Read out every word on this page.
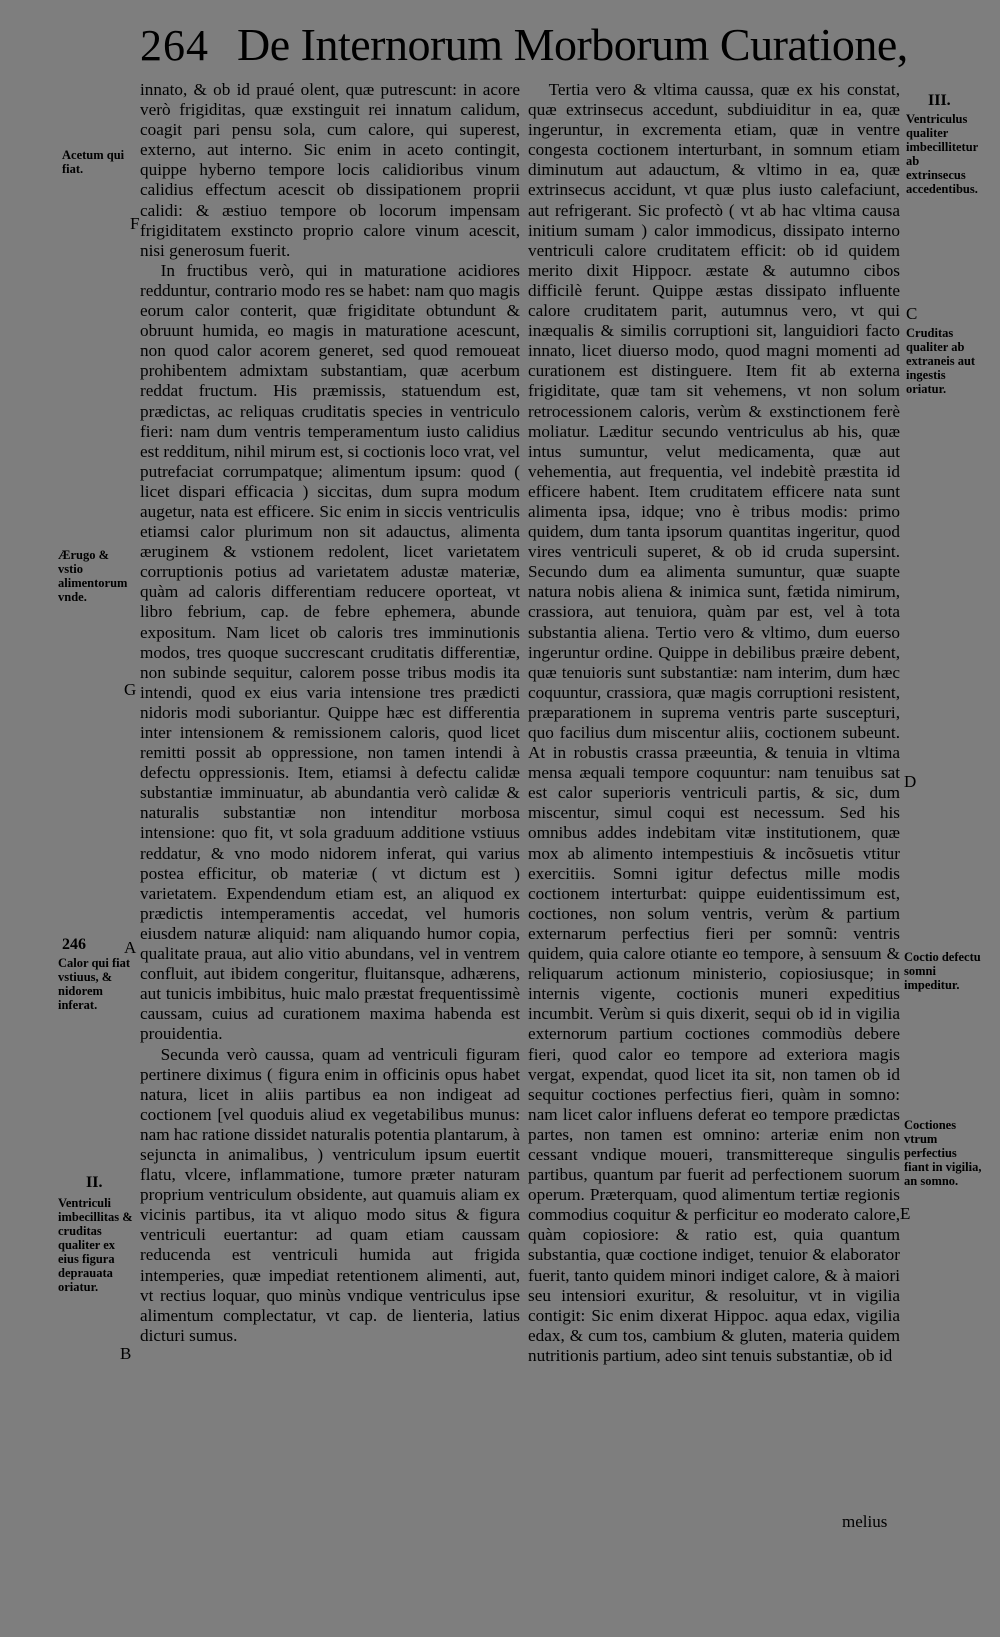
264 De Internorum Morborum Curatione,

innato, & ob id praué olent, quæ putrescunt: in acore verò frigiditas, quæ exstinguit rei innatum calidum, coagit pari pensu sola, cum calore, qui superest, externo, aut interno. Sic enim in aceto contingit, quippe hyberno tempore locis calidioribus vinum calidius effectum acescit ob dissipationem proprii calidi: & æstiuo tempore ob locorum impensam frigiditatem exstincto proprio calore vinum acescit, nisi generosum fuerit.

In fructibus verò, qui in maturatione acidiores redduntur, contrario modo res se habet: nam quo magis eorum calor conterit, quæ frigiditate obtundunt & obruunt humida, eo magis in maturatione acescunt, non quod calor acorem generet, sed quod remoueat prohibentem admixtam substantiam, quæ acerbum reddat fructum. His præmissis, statuendum est, prædictas, ac reliquas cruditatis species in ventriculo fieri: nam dum ventris temperamentum iusto calidius est redditum, nihil mirum est, si coctionis loco vrat, vel putrefaciat corrumpatque; alimentum ipsum: quod ( licet dispari efficacia ) siccitas, dum supra modum augetur, nata est efficere. Sic enim in siccis ventriculis etiamsi calor plurimum non sit adauctus, alimenta æruginem & vstionem redolent, licet varietatem corruptionis potius ad varietatem adustæ materiæ, quàm ad caloris differentiam reducere oporteat, vt libro febrium, cap. de febre ephemera, abunde expositum. Nam licet ob caloris tres imminutionis modos, tres quoque succrescant cruditatis differentiæ, non subinde sequitur, calorem posse tribus modis ita intendi, quod ex eius varia intensione tres prædicti nidoris modi suboriantur. Quippe hæc est differentia inter intensionem & remissionem caloris, quod licet remitti possit ab oppressione, non tamen intendi à defectu oppressionis. Item, etiamsi à defectu calidæ substantiæ imminuatur, ab abundantia verò calidæ & naturalis substantiæ non intenditur morbosa intensione: quo fit, vt sola graduum additione vstiuus reddatur, & vno modo nidorem inferat, qui varius postea efficitur, ob materiæ ( vt dictum est ) varietatem. Expendendum etiam est, an aliquod ex prædictis intemperamentis accedat, vel humoris eiusdem naturæ aliquid: nam aliquando humor copia, qualitate praua, aut alio vitio abundans, vel in ventrem confluit, aut ibidem congeritur, fluitansque, adhærens, aut tunicis imbibitus, huic malo præstat frequentissimè caussam, cuius ad curationem maxima habenda est prouidentia.

Secunda verò caussa, quam ad ventriculi figuram pertinere diximus ( figura enim in officinis opus habet natura, licet in aliis partibus ea non indigeat ad coctionem [vel quoduis aliud ex vegetabilibus munus: nam hac ratione dissidet naturalis potentia plantarum, à sejuncta in animalibus, ) ventriculum ipsum euertit flatu, vlcere, inflammatione, tumore præter naturam proprium ventriculum obsidente, aut quamuis aliam ex vicinis partibus, ita vt aliquo modo situs & figura ventriculi euertantur: ad quam etiam caussam reducenda est ventriculi humida aut frigida intemperies, quæ impediat retentionem alimenti, aut, vt rectius loquar, quo minùs vndique ventriculus ipse alimentum complectatur, vt cap. de lienteria, latius dicturi sumus.

Tertia vero & vltima caussa, quæ ex his constat, quæ extrinsecus accedunt, subdiuiditur in ea, quæ ingeruntur, in excrementa etiam, quæ in ventre congesta coctionem interturbant, in somnum etiam diminutum aut adauctum, & vltimo in ea, quæ extrinsecus accidunt, vt quæ plus iusto calefaciunt, aut refrigerant. Sic profectò ( vt ab hac vltima causa initium sumam ) calor immodicus, dissipato interno ventriculi calore cruditatem efficit: ob id quidem merito dixit Hippocr. æstate & autumno cibos difficilè ferunt. Quippe æstas dissipato influente calore cruditatem parit, autumnus vero, vt qui inæqualis & similis corruptioni sit, languidiori facto innato, licet diuerso modo, quod magni momenti ad curationem est distinguere. Item fit ab externa frigiditate, quæ tam sit vehemens, vt non solum retrocessionem caloris, verùm & exstinctionem ferè moliatur. Læditur secundo ventriculus ab his, quæ intus sumuntur, velut medicamenta, quæ aut vehementia, aut frequentia, vel indebitè præstita id efficere habent. Item cruditatem efficere nata sunt alimenta ipsa, idque; vno è tribus modis: primo quidem, dum tanta ipsorum quantitas ingeritur, quod vires ventriculi superet, & ob id cruda supersint. Secundo dum ea alimenta sumuntur, quæ suapte natura nobis aliena & inimica sunt, fætida nimirum, crassiora, aut tenuiora, quàm par est, vel à tota substantia aliena. Tertio vero & vltimo, dum euerso ingeruntur ordine. Quippe in debilibus præire debent, quæ tenuioris sunt substantiæ: nam interim, dum hæc coquuntur, crassiora, quæ magis corruptioni resistent, præparationem in suprema ventris parte suscepturi, quo facilius dum miscentur aliis, coctionem subeunt. At in robustis crassa præeuntia, & tenuia in vltima mensa æquali tempore coquuntur: nam tenuibus sat est calor superioris ventriculi partis, & sic, dum miscentur, simul coqui est necessum. Sed his omnibus addes indebitam vitæ institutionem, quæ mox ab alimento intempestiuis & incõsuetis vtitur exercitiis. Somni igitur defectus mille modis coctionem interturbat: quippe euidentissimum est, coctiones, non solum ventris, verùm & partium externarum perfectius fieri per somnũ: ventris quidem, quia calore otiante eo tempore, à sensuum & reliquarum actionum ministerio, copiosiusque; in internis vigente, coctionis muneri expeditius incumbit. Verùm si quis dixerit, sequi ob id in vigilia externorum partium coctiones commodiùs debere fieri, quod calor eo tempore ad exteriora magis vergat, expendat, quod licet ita sit, non tamen ob id sequitur coctiones perfectius fieri, quàm in somno: nam licet calor influens deferat eo tempore prædictas partes, non tamen est omnino: arteriæ enim non cessant vndique moueri, transmittereque singulis partibus, quantum par fuerit ad perfectionem suorum operum. Præterquam, quod alimentum tertiæ regionis commodius coquitur & perficitur eo moderato calore, quàm copiosiore: & ratio est, quia quantum substantia, quæ coctione indiget, tenuior & elaborator fuerit, tanto quidem minori indiget calore, & à maiori seu intensiori exuritur, & resoluitur, vt in vigilia contigit: Sic enim dixerat Hippoc. aqua edax, vigilia edax, & cum tos, cambium & gluten, materia quidem nutritionis partium, adeo sint tenuis substantiæ, ob id

melius
Acetum qui fiat.
Ærugo & vstio alimentorum vnde.
246
Calor qui fiat vstiuus, & nidorem inferat.
II.
Ventriculi imbecillitas & cruditas qualiter ex eius figura deprauata oriatur.
III.
Ventriculus qualiter imbecillitetur ab extrinsecus accedentibus.
Cruditas qualiter ab extraneis aut ingestis oriatur.
Coctio defectu somni impeditur.
Coctiones vtrum perfectius fiant in vigilia, an somno.
F
G
A
B
C
D
E
